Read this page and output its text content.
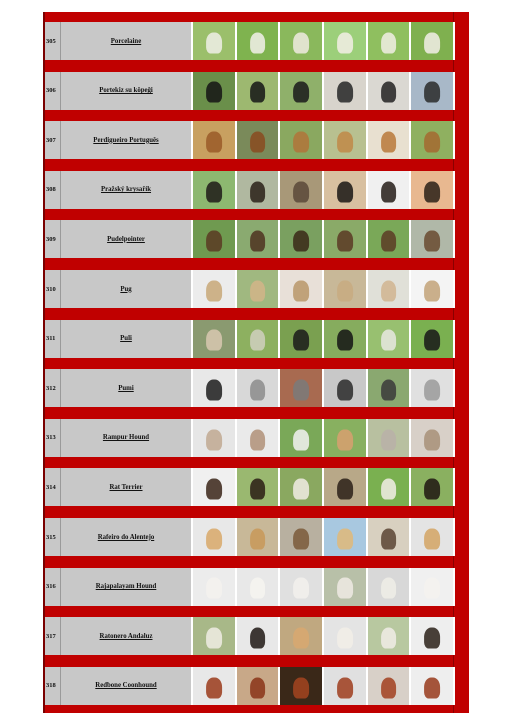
305	Porcelaine
306	Portekiz su köpeği
307	Perdigueiro Português
308	Pražský krysařík
309	Pudelpointer
310	Pug
311	Puli
312	Pumi
313	Rampur Hound
314	Rat Terrier
315	Rafeiro do Alentejo
316	Rajapalayam Hound
317	Ratonero Andaluz
318	Redbone Coonhound
